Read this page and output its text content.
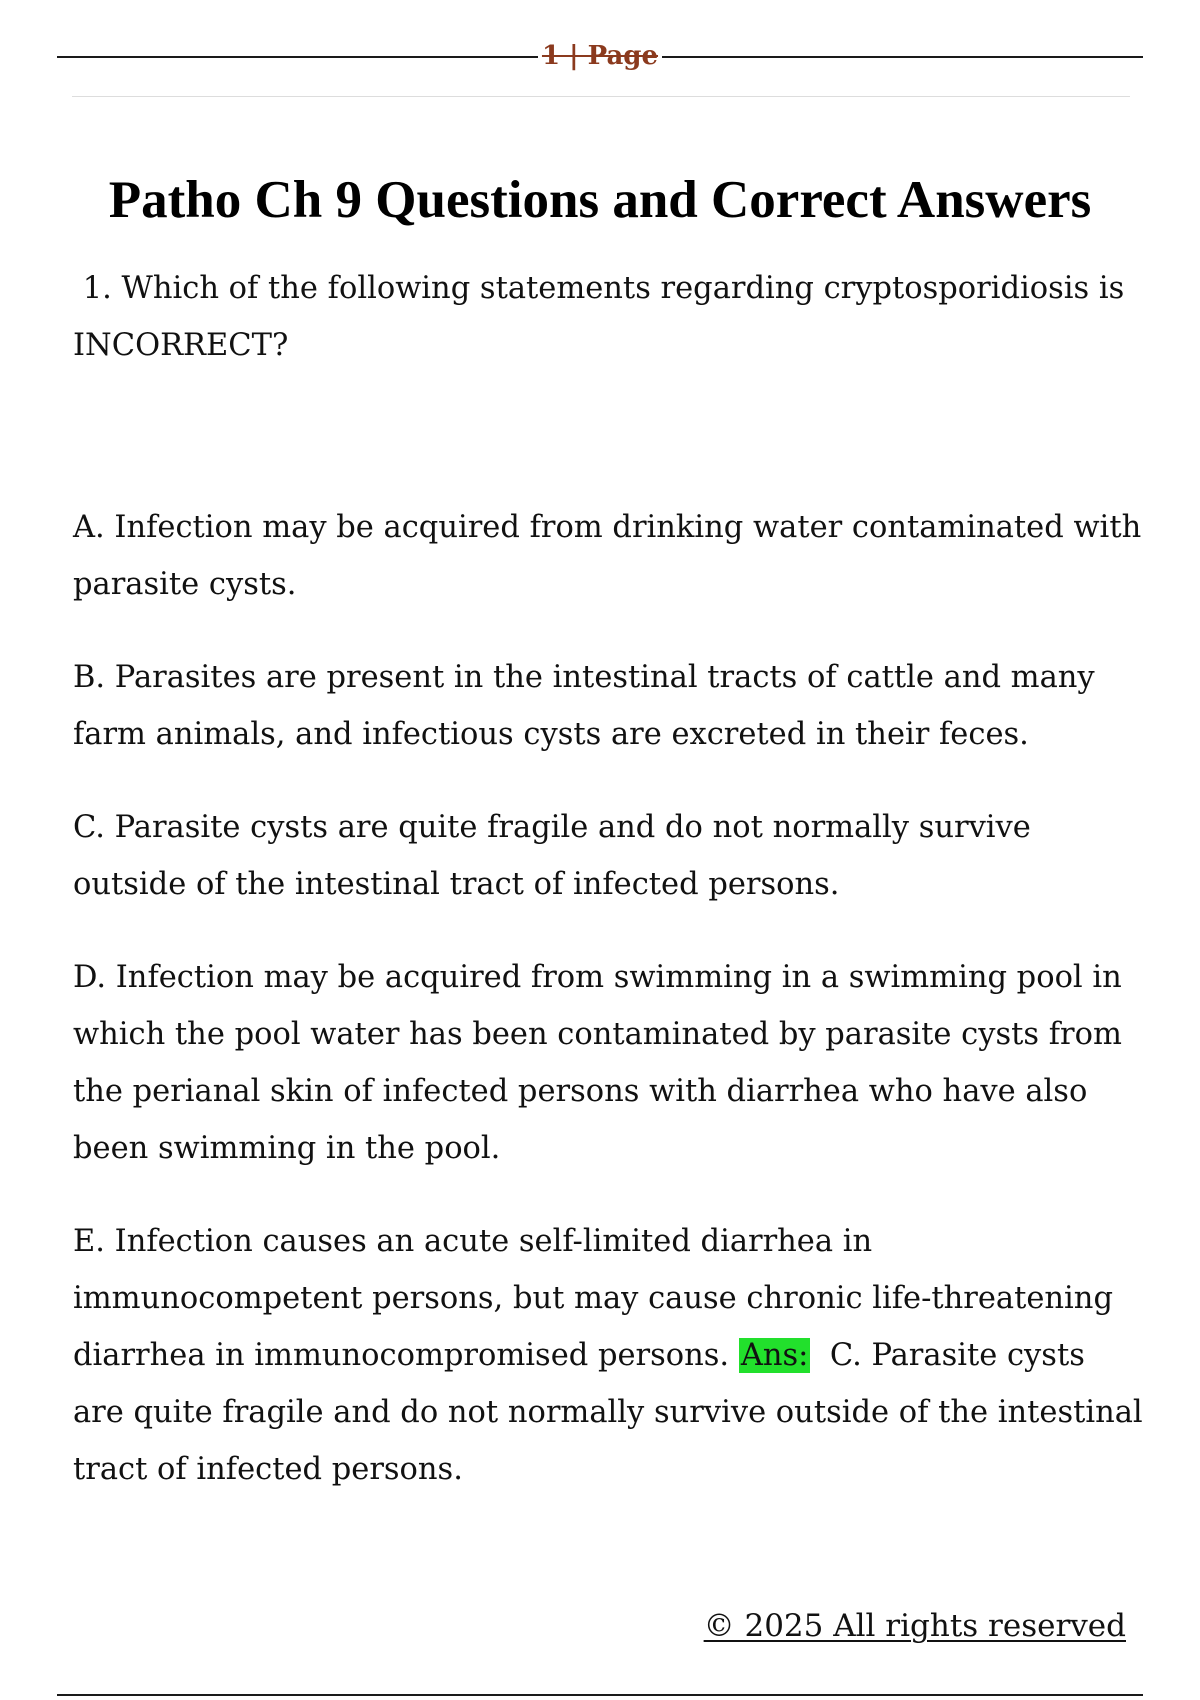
1 | Page
Patho Ch 9 Questions and Correct Answers

1. Which of the following statements regarding cryptosporidiosis is INCORRECT?

A. Infection may be acquired from drinking water contaminated with parasite cysts.

B. Parasites are present in the intestinal tracts of cattle and many farm animals, and infectious cysts are excreted in their feces.

C. Parasite cysts are quite fragile and do not normally survive outside of the intestinal tract of infected persons.

D. Infection may be acquired from swimming in a swimming pool in which the pool water has been contaminated by parasite cysts from the perianal skin of infected persons with diarrhea who have also been swimming in the pool.

E. Infection causes an acute self-limited diarrhea in immunocompetent persons, but may cause chronic life-threatening diarrhea in immunocompromised persons. Ans: C. Parasite cysts are quite fragile and do not normally survive outside of the intestinal tract of infected persons.

© 2025 All rights reserved
